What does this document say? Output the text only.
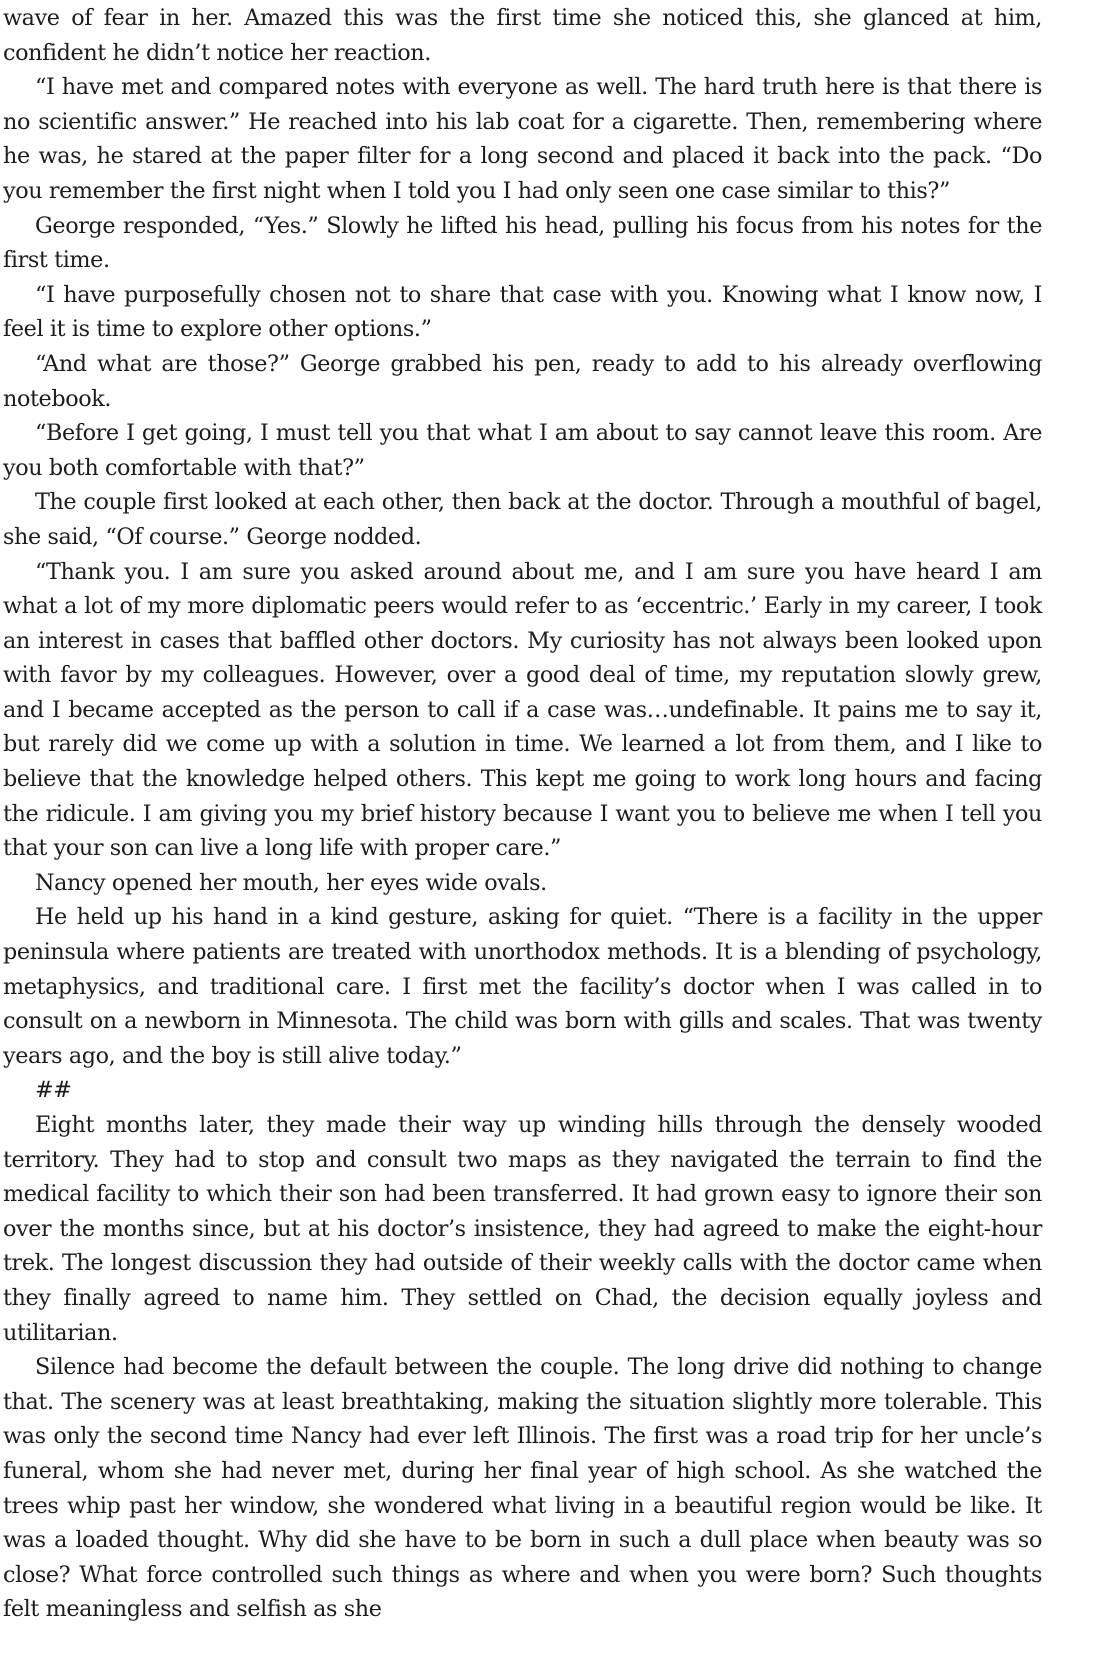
wave of fear in her. Amazed this was the first time she noticed this, she glanced at him, confident he didn’t notice her reaction.

“I have met and compared notes with everyone as well. The hard truth here is that there is no scientific answer.” He reached into his lab coat for a cigarette. Then, remembering where he was, he stared at the paper filter for a long second and placed it back into the pack. “Do you remember the first night when I told you I had only seen one case similar to this?”

George responded, “Yes.” Slowly he lifted his head, pulling his focus from his notes for the first time.

“I have purposefully chosen not to share that case with you. Knowing what I know now, I feel it is time to explore other options.”

“And what are those?” George grabbed his pen, ready to add to his already overflowing notebook.

“Before I get going, I must tell you that what I am about to say cannot leave this room. Are you both comfortable with that?”

The couple first looked at each other, then back at the doctor. Through a mouthful of bagel, she said, “Of course.” George nodded.

“Thank you. I am sure you asked around about me, and I am sure you have heard I am what a lot of my more diplomatic peers would refer to as ‘eccentric.’ Early in my career, I took an interest in cases that baffled other doctors. My curiosity has not always been looked upon with favor by my colleagues. However, over a good deal of time, my reputation slowly grew, and I became accepted as the person to call if a case was…undefinable. It pains me to say it, but rarely did we come up with a solution in time. We learned a lot from them, and I like to believe that the knowledge helped others. This kept me going to work long hours and facing the ridicule. I am giving you my brief history because I want you to believe me when I tell you that your son can live a long life with proper care.”

Nancy opened her mouth, her eyes wide ovals.

He held up his hand in a kind gesture, asking for quiet. “There is a facility in the upper peninsula where patients are treated with unorthodox methods. It is a blending of psychology, metaphysics, and traditional care. I first met the facility’s doctor when I was called in to consult on a newborn in Minnesota. The child was born with gills and scales. That was twenty years ago, and the boy is still alive today.”

##

Eight months later, they made their way up winding hills through the densely wooded territory. They had to stop and consult two maps as they navigated the terrain to find the medical facility to which their son had been transferred. It had grown easy to ignore their son over the months since, but at his doctor’s insistence, they had agreed to make the eight-hour trek. The longest discussion they had outside of their weekly calls with the doctor came when they finally agreed to name him. They settled on Chad, the decision equally joyless and utilitarian.

Silence had become the default between the couple. The long drive did nothing to change that. The scenery was at least breathtaking, making the situation slightly more tolerable. This was only the second time Nancy had ever left Illinois. The first was a road trip for her uncle’s funeral, whom she had never met, during her final year of high school. As she watched the trees whip past her window, she wondered what living in a beautiful region would be like. It was a loaded thought. Why did she have to be born in such a dull place when beauty was so close? What force controlled such things as where and when you were born? Such thoughts felt meaningless and selfish as she
